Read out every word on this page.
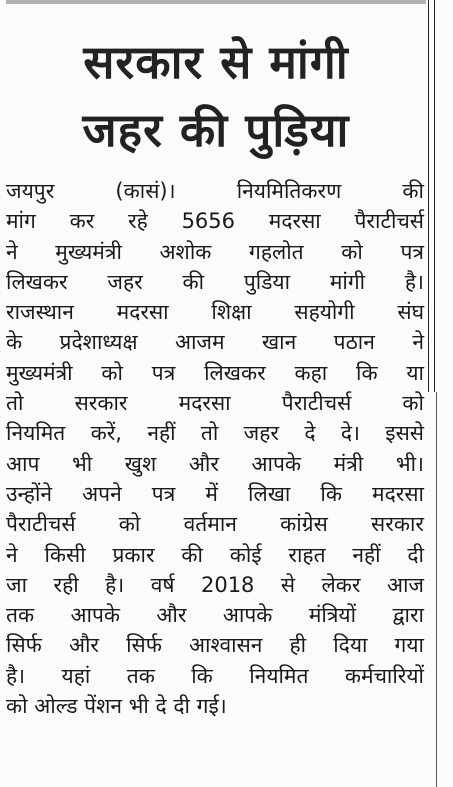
सरकार से मांगी
जहर की पुड़िया
जयपुर (कासं)। नियमितिकरण की
मांग कर रहे 5656 मदरसा पैराटीचर्स
ने मुख्यमंत्री अशोक गहलोत को पत्र
लिखकर जहर की पुडिया मांगी है।
राजस्थान मदरसा शिक्षा सहयोगी संघ
के प्रदेशाध्यक्ष आजम खान पठान ने
मुख्यमंत्री को पत्र लिखकर कहा कि या
तो सरकार मदरसा पैराटीचर्स को
नियमित करें, नहीं तो जहर दे दे। इससे
आप भी खुश और आपके मंत्री भी।
उन्होंने अपने पत्र में लिखा कि मदरसा
पैराटीचर्स को वर्तमान कांग्रेस सरकार
ने किसी प्रकार की कोई राहत नहीं दी
जा रही है। वर्ष 2018 से लेकर आज
तक आपके और आपके मंत्रियों द्वारा
सिर्फ और सिर्फ आश्वासन ही दिया गया
है। यहां तक कि नियमित कर्मचारियों
को ओल्ड पेंशन भी दे दी गई।
